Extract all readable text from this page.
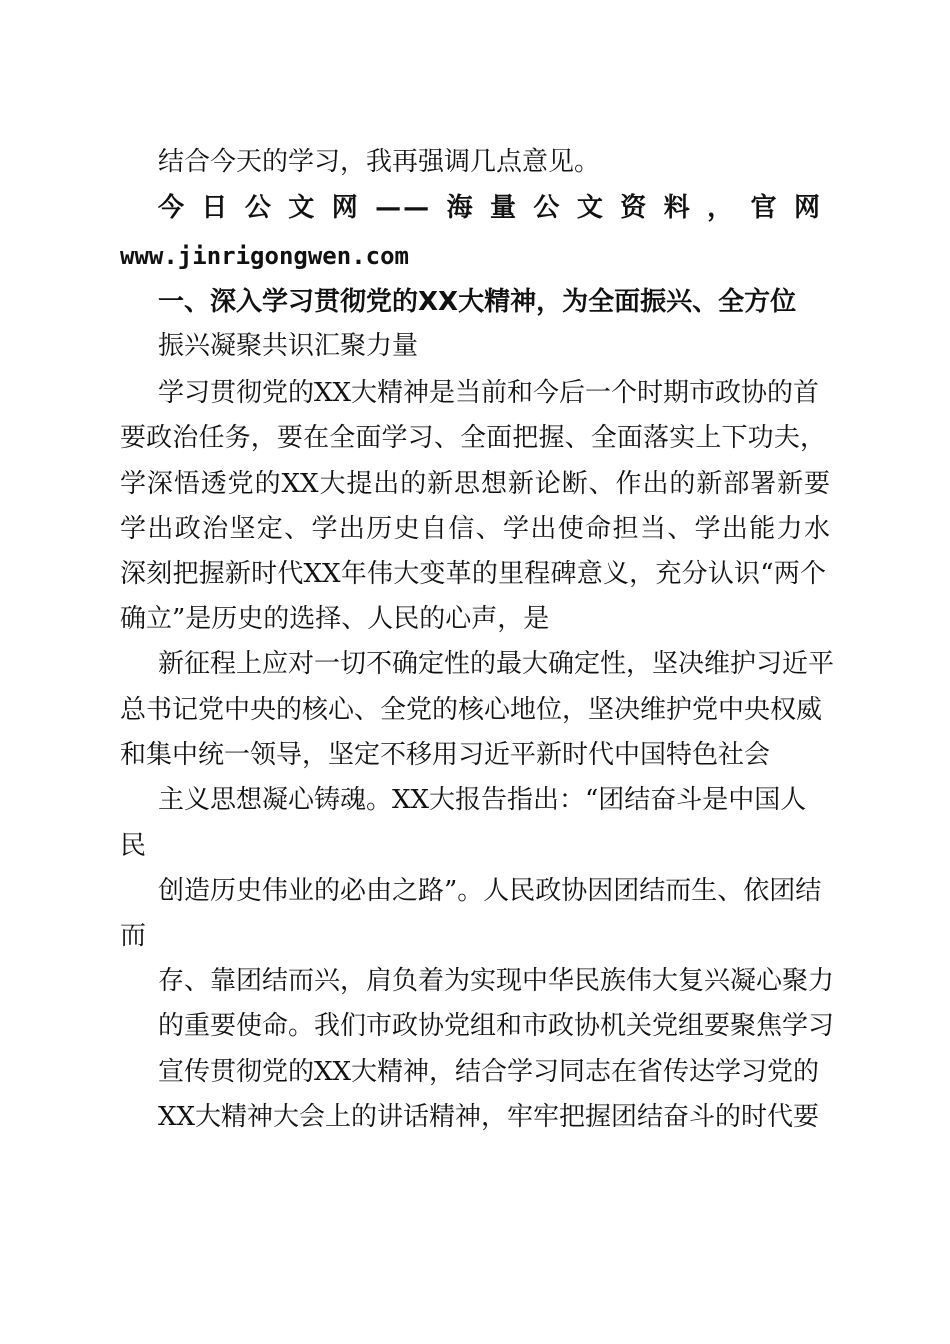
结合今天的学习，我再强调几点意见。
今日公文网——海量公文资料，官网
www.jinrigongwen.com
一、深入学习贯彻党的XX大精神，为全面振兴、全方位
振兴凝聚共识汇聚力量
学习贯彻党的XX大精神是当前和今后一个时期市政协的首
要政治任务，要在全面学习、全面把握、全面落实上下功夫，
学深悟透党的XX大提出的新思想新论断、作出的新部署新要
学出政治坚定、学出历史自信、学出使命担当、学出能力水
深刻把握新时代XX年伟大变革的里程碑意义，充分认识“两个
确立”是历史的选择、人民的心声，是
新征程上应对一切不确定性的最大确定性，坚决维护习近平
总书记党中央的核心、全党的核心地位，坚决维护党中央权威
和集中统一领导，坚定不移用习近平新时代中国特色社会
主义思想凝心铸魂。XX大报告指出：“团结奋斗是中国人
民
创造历史伟业的必由之路”。人民政协因团结而生、依团结
而
存、靠团结而兴，肩负着为实现中华民族伟大复兴凝心聚力
的重要使命。我们市政协党组和市政协机关党组要聚焦学习
宣传贯彻党的XX大精神，结合学习同志在省传达学习党的
XX大精神大会上的讲话精神，牢牢把握团结奋斗的时代要
